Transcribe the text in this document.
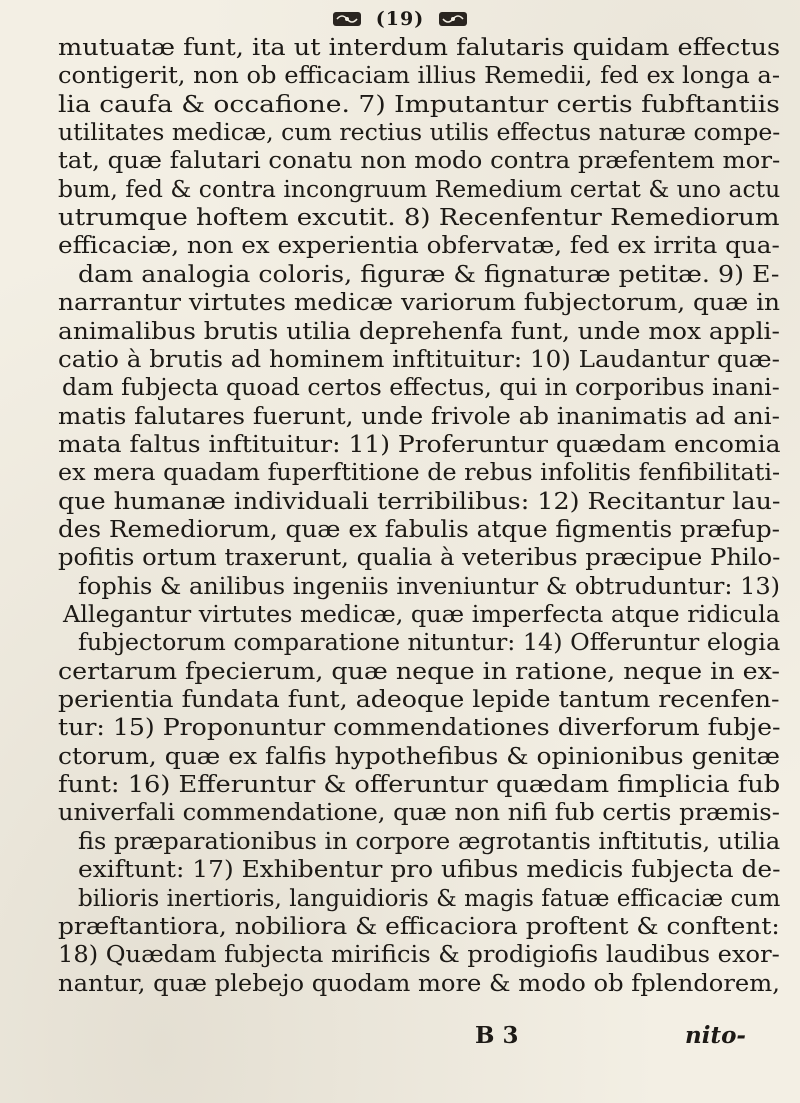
(19)
mutuatæ funt, ita ut interdum falutaris quidam effectus
contigerit, non ob efficaciam illius Remedii, fed ex longa a-
lia caufa & occafione. 7) Imputantur certis fubftantiis
utilitates medicæ, cum rectius utilis effectus naturæ compe-
tat, quæ falutari conatu non modo contra præfentem mor-
bum, fed & contra incongruum Remedium certat & uno actu
utrumque hoftem excutit. 8) Recenfentur Remediorum
efficaciæ, non ex experientia obfervatæ, fed ex irrita qua-
dam analogia coloris, figuræ & fignaturæ petitæ. 9) E-
narrantur virtutes medicæ variorum fubjectorum, quæ in
animalibus brutis utilia deprehenfa funt, unde mox appli-
catio à brutis ad hominem inftituitur: 10) Laudantur quæ-
dam fubjecta quoad certos effectus, qui in corporibus inani-
matis falutares fuerunt, unde frivole ab inanimatis ad ani-
mata faltus inftituitur: 11) Proferuntur quædam encomia
ex mera quadam fuperftitione de rebus infolitis fenfibilitati-
que humanæ individuali terribilibus: 12) Recitantur lau-
des Remediorum, quæ ex fabulis atque figmentis præfup-
pofitis ortum traxerunt, qualia à veteribus præcipue Philo-
fophis & anilibus ingeniis inveniuntur & obtruduntur: 13)
Allegantur virtutes medicæ, quæ imperfecta atque ridicula
fubjectorum comparatione nituntur: 14) Offeruntur elogia
certarum fpecierum, quæ neque in ratione, neque in ex-
perientia fundata funt, adeoque lepide tantum recenfen-
tur: 15) Proponuntur commendationes diverforum fubje-
ctorum, quæ ex falfis hypothefibus & opinionibus genitæ
funt: 16) Efferuntur & offeruntur quædam fimplicia fub
univerfali commendatione, quæ non nifi fub certis præmis-
fis præparationibus in corpore ægrotantis inftitutis, utilia
exiftunt: 17) Exhibentur pro ufibus medicis fubjecta de-
bilioris inertioris, languidioris & magis fatuæ efficaciæ cum
præftantiora, nobiliora & efficaciora proftent & conftent:
18) Quædam fubjecta mirificis & prodigiofis laudibus exor-
nantur, quæ plebejo quodam more & modo ob fplendorem,
B 3	nito-
